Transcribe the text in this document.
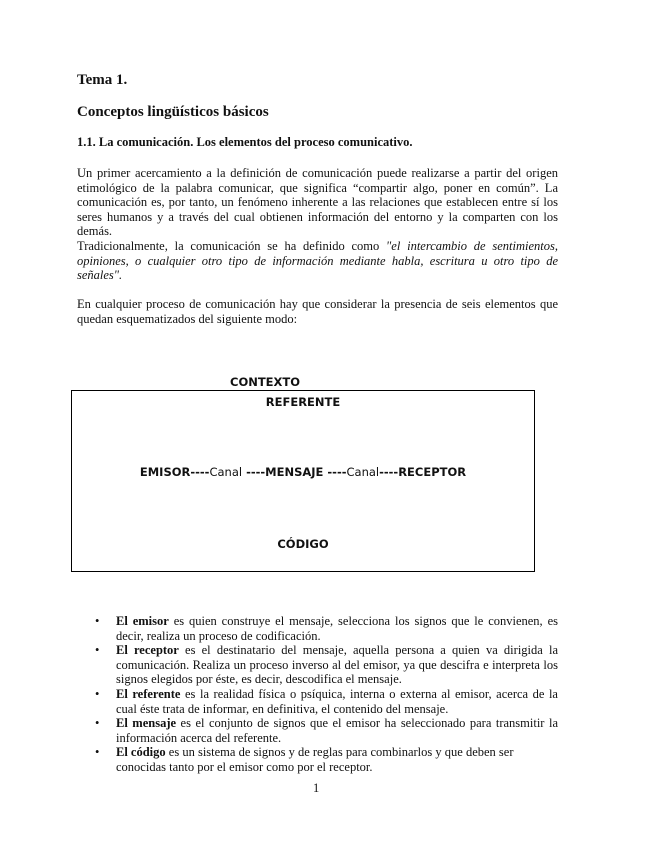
Tema 1.
Conceptos lingüísticos básicos
1.1. La comunicación. Los elementos del proceso comunicativo.
Un primer acercamiento a la definición de comunicación puede realizarse a partir del origen etimológico de la palabra comunicar, que significa “compartir algo, poner en común”. La comunicación es, por tanto, un fenómeno inherente a las relaciones que establecen entre sí los seres humanos y a través del cual obtienen información del entorno y la comparten con los demás.
Tradicionalmente, la comunicación se ha definido como "el intercambio de sentimientos, opiniones, o cualquier otro tipo de información mediante habla, escritura u otro tipo de señales".
En cualquier proceso de comunicación hay que considerar la presencia de seis elementos que quedan esquematizados del siguiente modo:
CONTEXTO
REFERENTE
EMISOR----Canal ----MENSAJE ----Canal----RECEPTOR
CÓDIGO
• El emisor es quien construye el mensaje, selecciona los signos que le convienen, es decir, realiza un proceso de codificación.
• El receptor es el destinatario del mensaje, aquella persona a quien va dirigida la comunicación. Realiza un proceso inverso al del emisor, ya que descifra e interpreta los signos elegidos por éste, es decir, descodifica el mensaje.
• El referente es la realidad física o psíquica, interna o externa al emisor, acerca de la cual éste trata de informar, en definitiva, el contenido del mensaje.
• El mensaje es el conjunto de signos que el emisor ha seleccionado para transmitir la información acerca del referente.
• El código es un sistema de signos y de reglas para combinarlos y que deben ser conocidas tanto por el emisor como por el receptor.
1
